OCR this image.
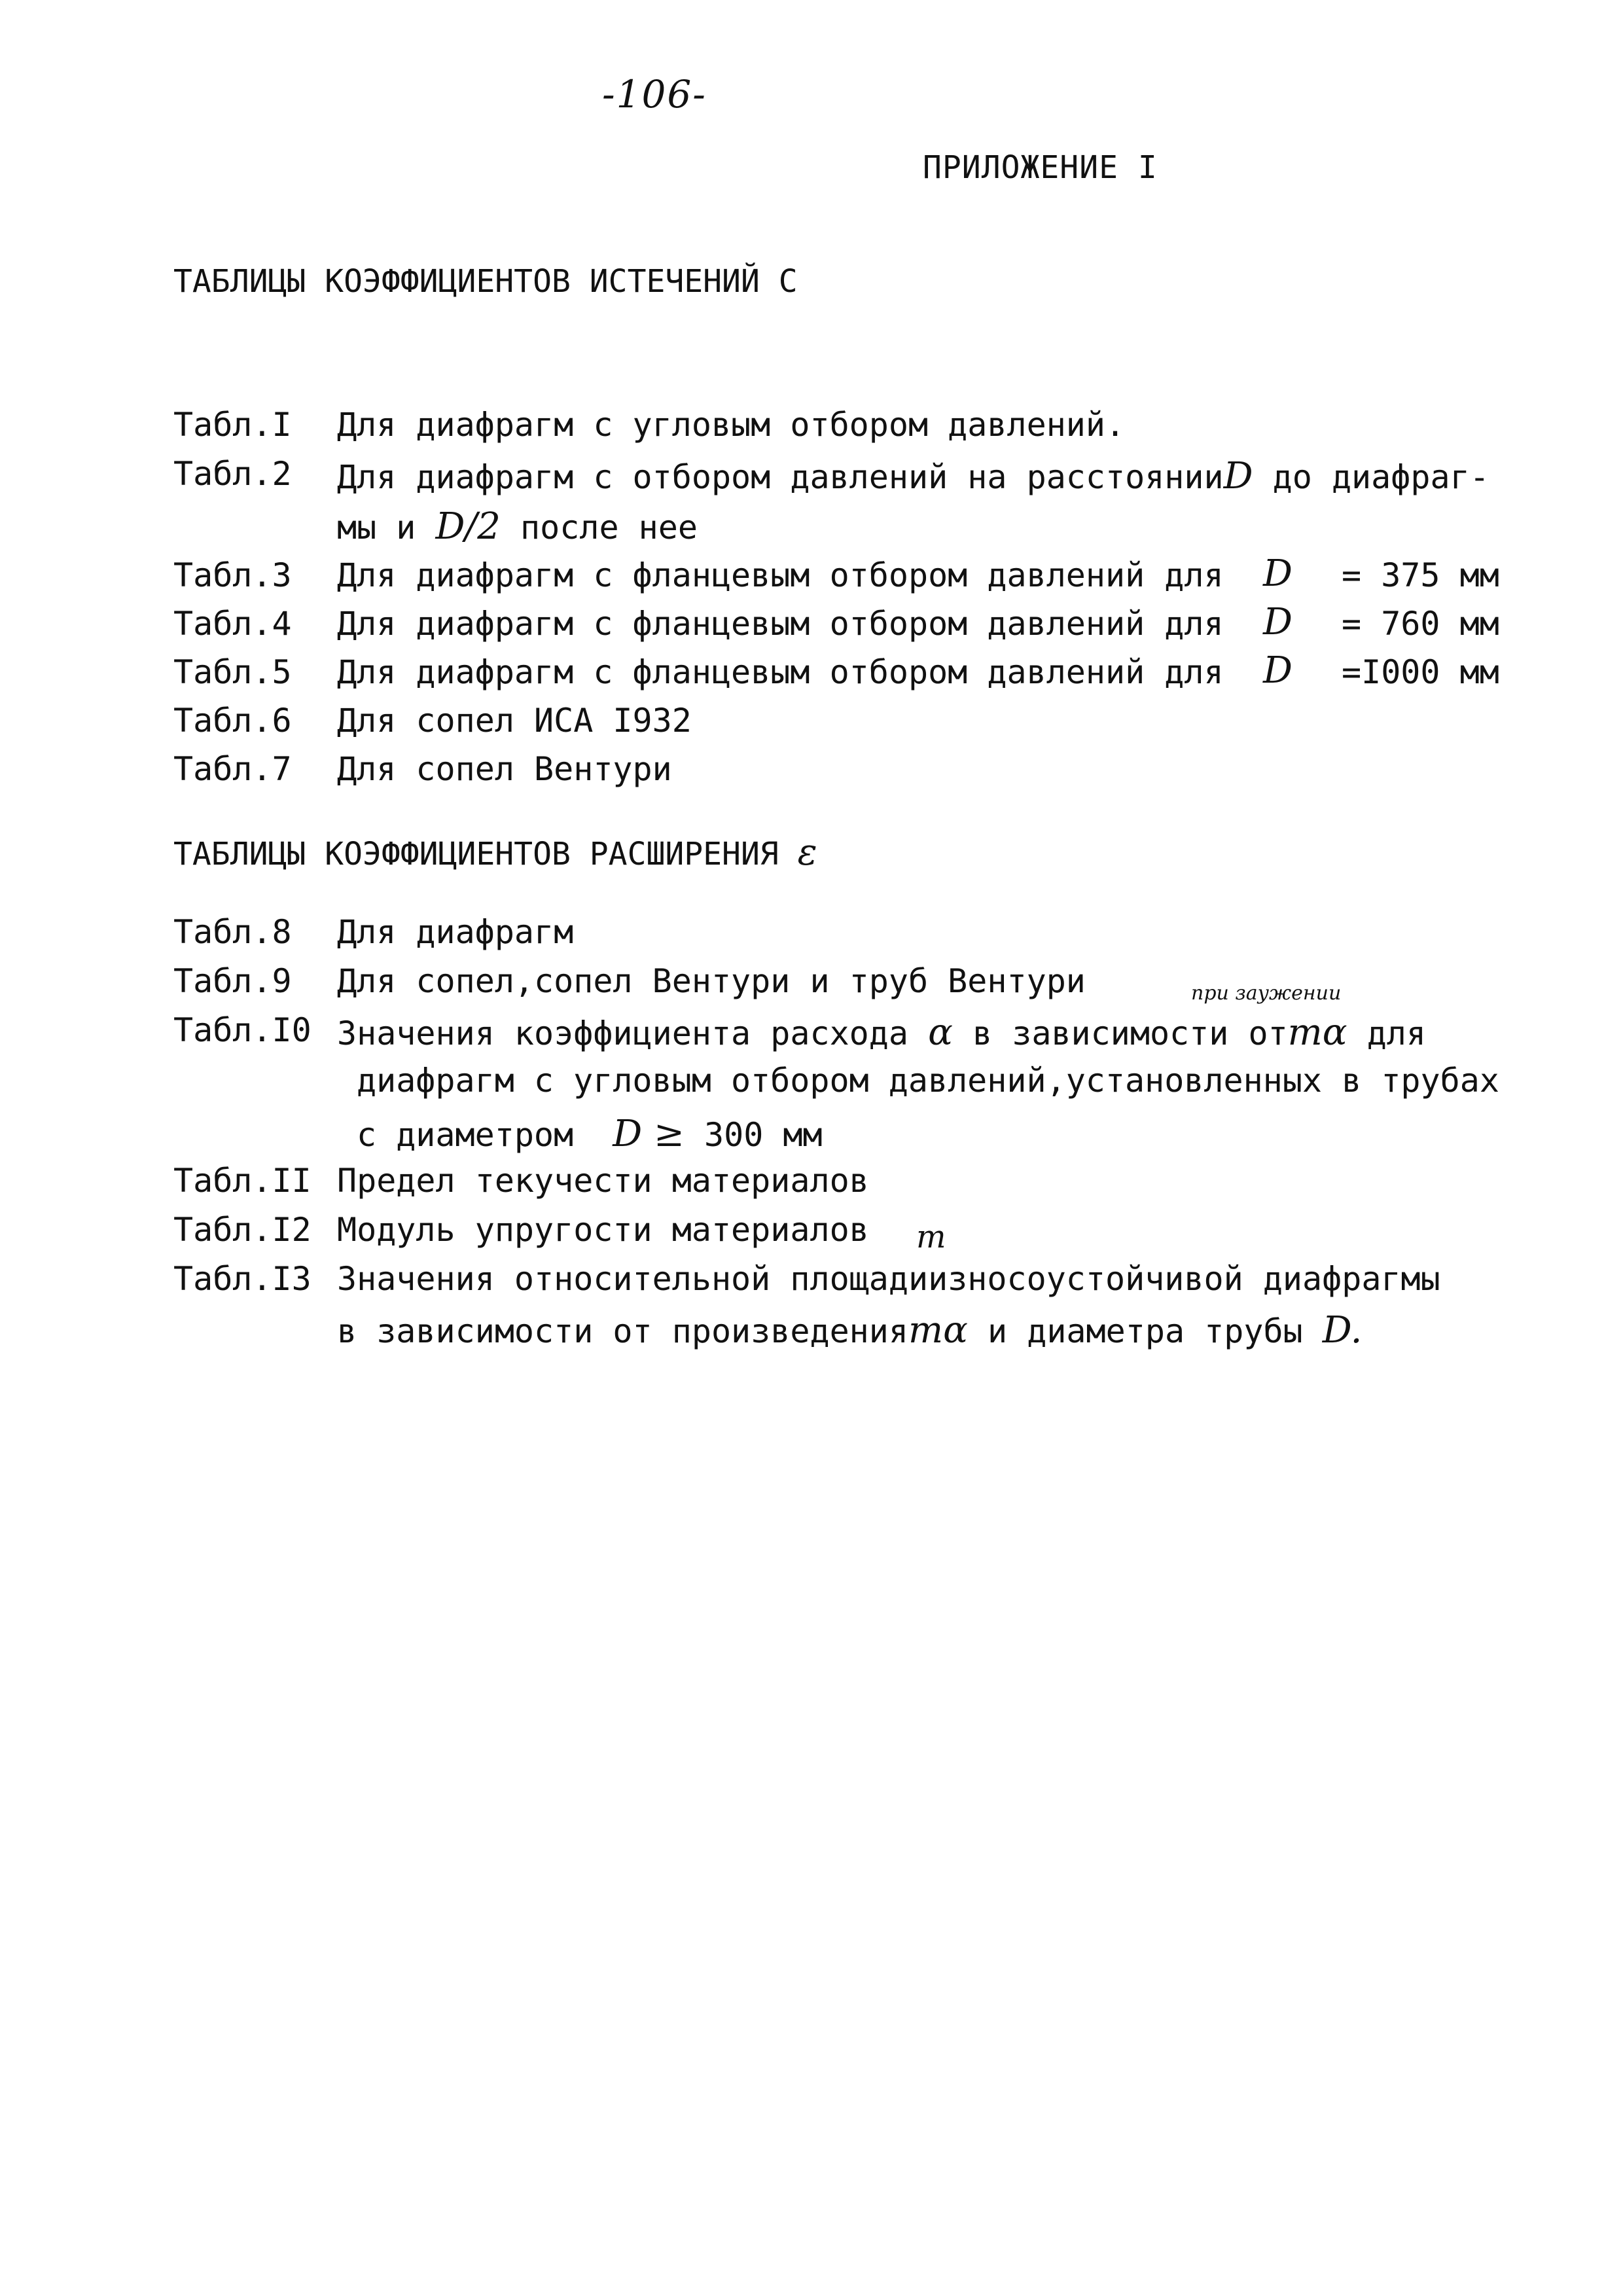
-106-
ПРИЛОЖЕНИЕ I
ТАБЛИЦЫ КОЭФФИЦИЕНТОВ ИСТЕЧЕНИЙ С
Табл.I Для диафрагм с угловым отбором давлений.
Табл.2 Для диафрагм с отбором давлений на расстоянииD до диафраг-
мы и D/2 после нее
Табл.3 Для диафрагм с фланцевым отбором давлений для D = 375 мм
Табл.4 Для диафрагм с фланцевым отбором давлений для D = 760 мм
Табл.5 Для диафрагм с фланцевым отбором давлений для D =I000 мм
Табл.6 Для сопел ИСА I932
Табл.7 Для сопел Вентури
ТАБЛИЦЫ КОЭФФИЦИЕНТОВ РАСШИРЕНИЯ ε
Табл.8 Для диафрагм
Табл.9 Для сопел,сопел Вентури и труб Вентури	при заужении
Табл.I0 Значения коэффициента расхода α в зависимости отmα для
диафрагм с угловым отбором давлений,установленных в трубах
с диаметром D ≥ 300 мм
Табл.II Предел текучести материалов
Табл.I2 Модуль упругости материалов m
Табл.I3 Значения относительной площадиизносоустойчивой диафрагмы
в зависимости от произведенияmα и диаметра трубы D.
